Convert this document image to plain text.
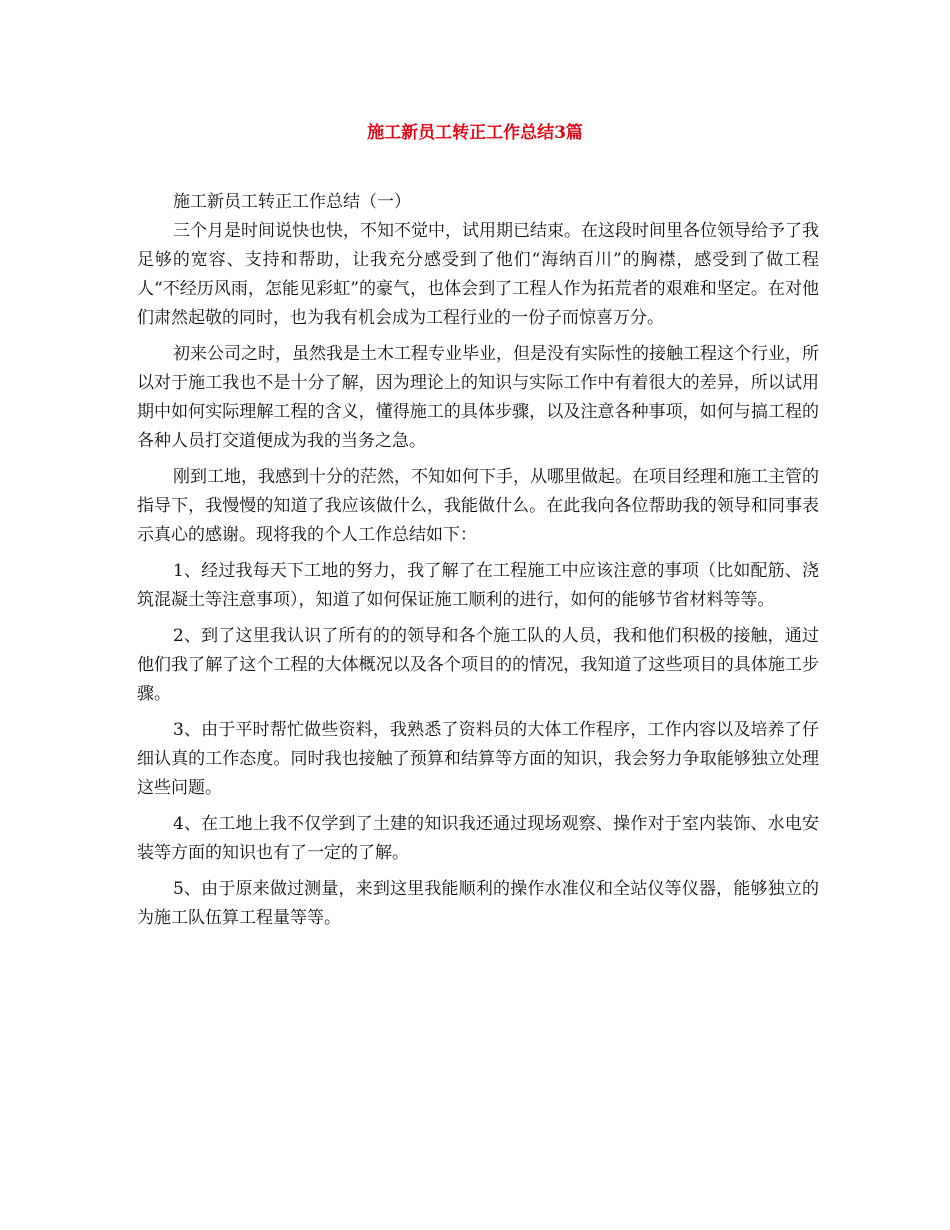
施工新员工转正工作总结3篇

施工新员工转正工作总结（一）

三个月是时间说快也快，不知不觉中，试用期已结束。在这段时间里各位领导给予了我足够的宽容、支持和帮助，让我充分感受到了他们“海纳百川”的胸襟，感受到了做工程人“不经历风雨，怎能见彩虹”的豪气，也体会到了工程人作为拓荒者的艰难和坚定。在对他们肃然起敬的同时，也为我有机会成为工程行业的一份子而惊喜万分。

初来公司之时，虽然我是土木工程专业毕业，但是没有实际性的接触工程这个行业，所以对于施工我也不是十分了解，因为理论上的知识与实际工作中有着很大的差异，所以试用期中如何实际理解工程的含义，懂得施工的具体步骤，以及注意各种事项，如何与搞工程的各种人员打交道便成为我的当务之急。

刚到工地，我感到十分的茫然，不知如何下手，从哪里做起。在项目经理和施工主管的指导下，我慢慢的知道了我应该做什么，我能做什么。在此我向各位帮助我的领导和同事表示真心的感谢。现将我的个人工作总结如下：

1、经过我每天下工地的努力，我了解了在工程施工中应该注意的事项（比如配筋、浇筑混凝土等注意事项），知道了如何保证施工顺利的进行，如何的能够节省材料等等。

2、到了这里我认识了所有的的领导和各个施工队的人员，我和他们积极的接触，通过他们我了解了这个工程的大体概况以及各个项目的的情况，我知道了这些项目的具体施工步骤。

3、由于平时帮忙做些资料，我熟悉了资料员的大体工作程序，工作内容以及培养了仔细认真的工作态度。同时我也接触了预算和结算等方面的知识，我会努力争取能够独立处理这些问题。

4、在工地上我不仅学到了土建的知识我还通过现场观察、操作对于室内装饰、水电安装等方面的知识也有了一定的了解。

5、由于原来做过测量，来到这里我能顺利的操作水准仪和全站仪等仪器，能够独立的为施工队伍算工程量等等。
